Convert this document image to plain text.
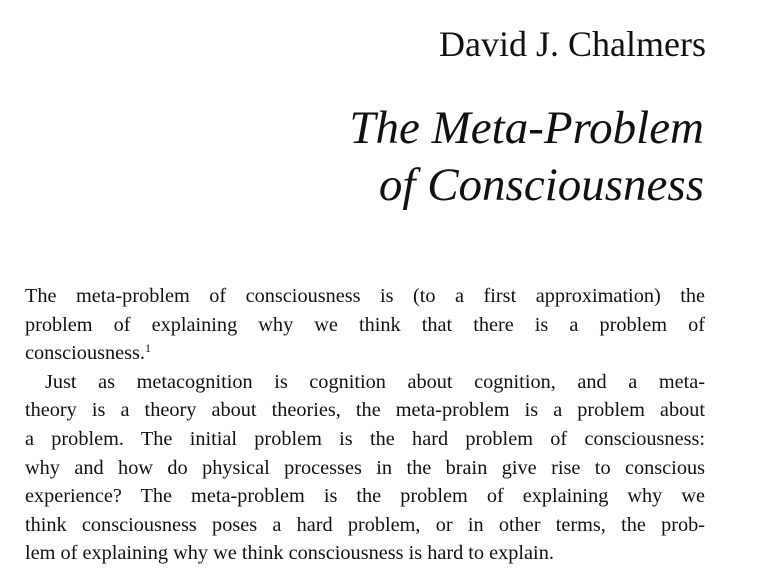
David J. Chalmers
The Meta-Problem
of Consciousness

The meta-problem of consciousness is (to a first approximation) the
problem of explaining why we think that there is a problem of
consciousness.$^1$

Just as metacognition is cognition about cognition, and a meta-
theory is a theory about theories, the meta-problem is a problem about
a problem. The initial problem is the hard problem of consciousness:
why and how do physical processes in the brain give rise to conscious
experience? The meta-problem is the problem of explaining why we
think consciousness poses a hard problem, or in other terms, the prob-
lem of explaining why we think consciousness is hard to explain.
